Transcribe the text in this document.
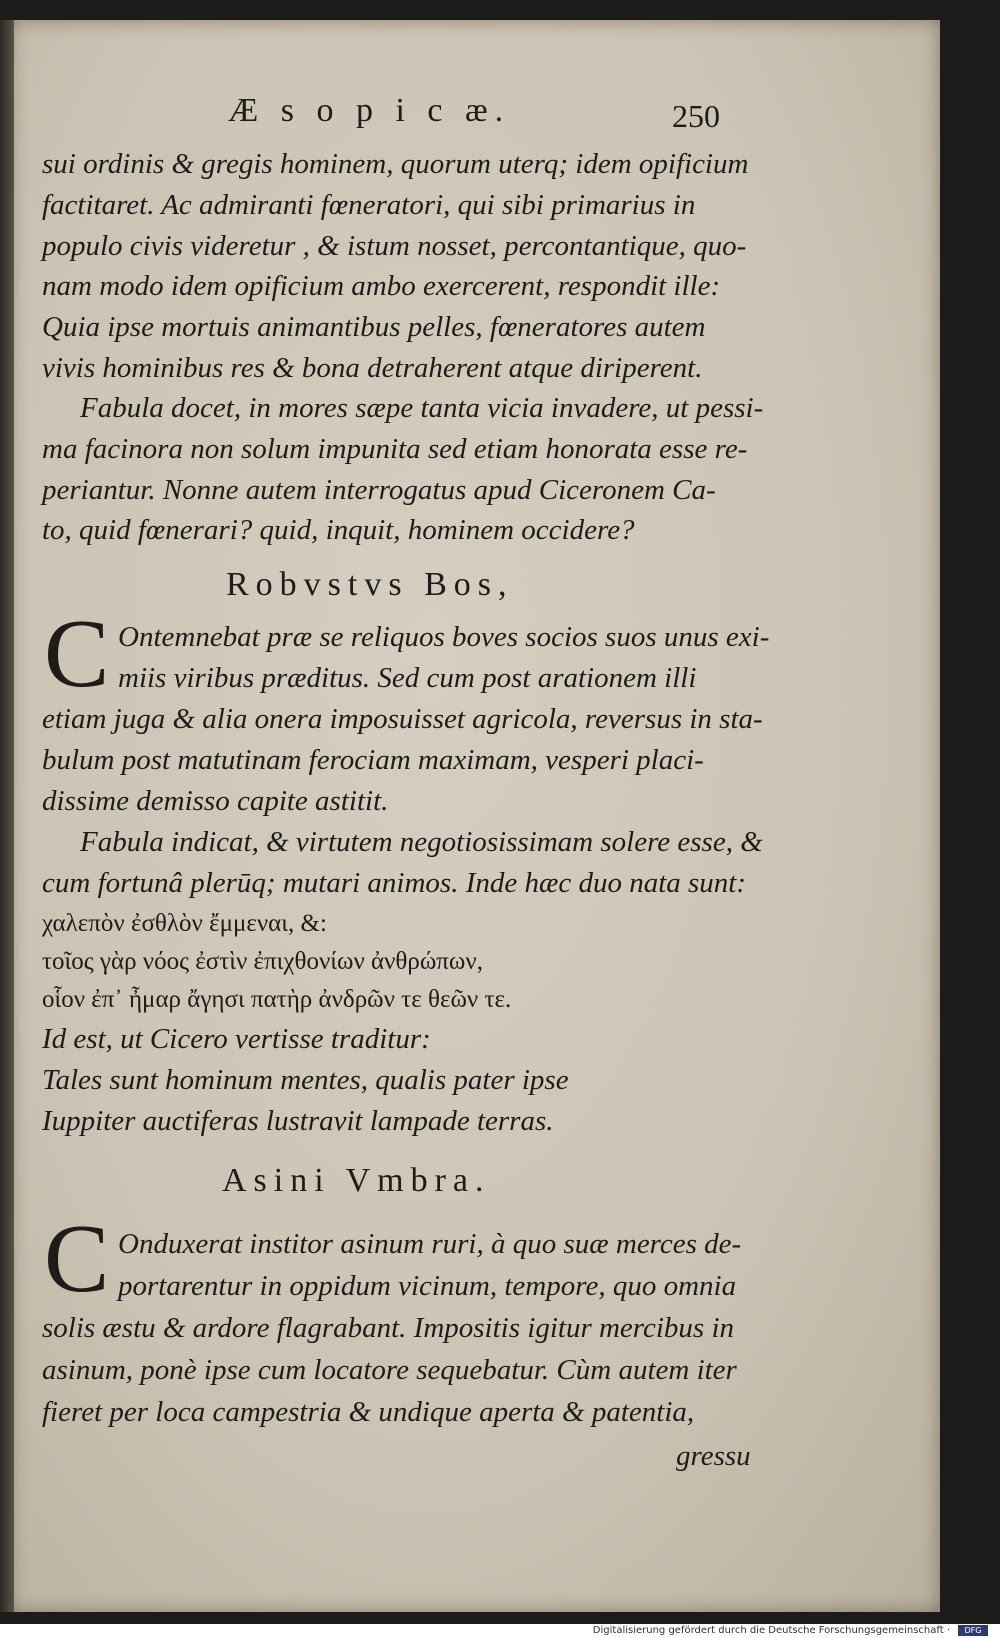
Æ s o p i c æ.	250
sui ordinis & gregis hominem, quorum uterq; idem opificium
factitaret. Ac admiranti fœneratori, qui sibi primarius in
populo civis videretur , & istum nosset, percontantique, quo-
nam modo idem opificium ambo exercerent, respondit ille:
Quia ipse mortuis animantibus pelles, fœneratores autem
vivis hominibus res & bona detraherent atque diriperent.
Fabula docet, in mores sæpe tanta vicia invadere, ut pessi-
ma facinora non solum impunita sed etiam honorata esse re-
periantur. Nonne autem interrogatus apud Ciceronem Ca-
to, quid fœnerari? quid, inquit, hominem occidere?
Robvstvs Bos,
C Ontemnebat præ se reliquos boves socios suos unus exi-
miis viribus præditus. Sed cum post arationem illi
etiam juga & alia onera imposuisset agricola, reversus in sta-
bulum post matutinam ferociam maximam, vesperi placi-
dissime demisso capite astitit.
Fabula indicat, & virtutem negotiosissimam solere esse, &
cum fortunâ plerūq; mutari animos. Inde hæc duo nata sunt:
χαλεπὸν ἐσθλὸν ἔμμεναι, &:
τοῖος γὰρ νόος ἐστὶν ἐπιχθονίων ἀνθρώπων,
οἷον ἐπ᾽ ἦμαρ ἄγησι πατὴρ ἀνδρῶν τε θεῶν τε.
Id est, ut Cicero vertisse traditur:
Tales sunt hominum mentes, qualis pater ipse
Iuppiter auctiferas lustravit lampade terras.
Asini Vmbra.
C Onduxerat institor asinum ruri, à quo suæ merces de-
portarentur in oppidum vicinum, tempore, quo omnia
solis æstu & ardore flagrabant. Impositis igitur mercibus in
asinum, ponè ipse cum locatore sequebatur. Cùm autem iter
fieret per loca campestria & undique aperta & patentia,
gressu
Digitalisierung gefördert durch die Deutsche Forschungsgemeinschaft ·	DFG
